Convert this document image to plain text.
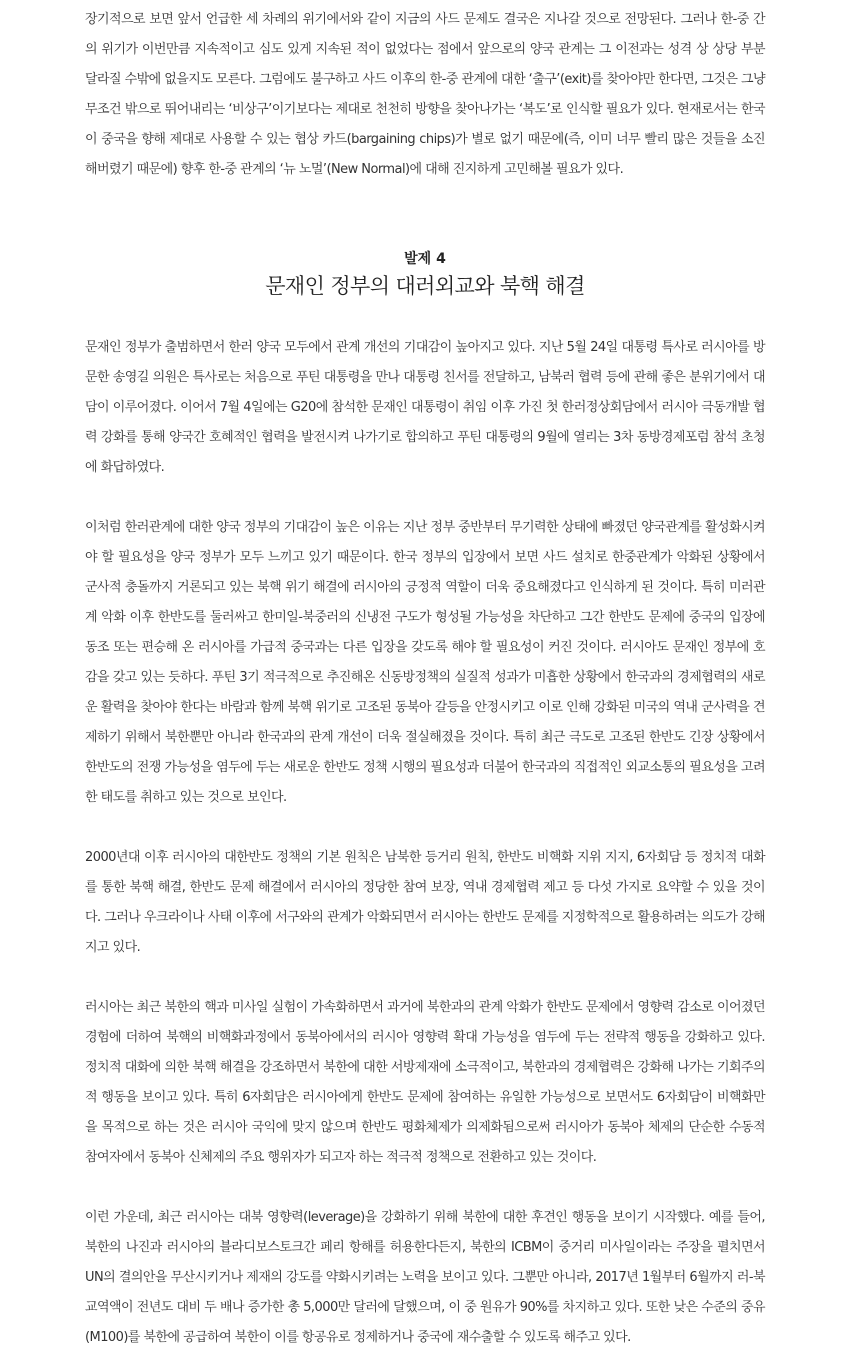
장기적으로 보면 앞서 언급한 세 차례의 위기에서와 같이 지금의 사드 문제도 결국은 지나갈 것으로 전망된다. 그러나 한-중 간의 위기가 이번만큼 지속적이고 심도 있게 지속된 적이 없었다는 점에서 앞으로의 양국 관계는 그 이전과는 성격 상 상당 부분 달라질 수밖에 없을지도 모른다. 그럼에도 불구하고 사드 이후의 한-중 관계에 대한 ‘출구’(exit)를 찾아야만 한다면, 그것은 그냥 무조건 밖으로 뛰어내리는 ‘비상구’이기보다는 제대로 천천히 방향을 찾아나가는 ‘복도’로 인식할 필요가 있다. 현재로서는 한국이 중국을 향해 제대로 사용할 수 있는 협상 카드(bargaining chips)가 별로 없기 때문에(즉, 이미 너무 빨리 많은 것들을 소진해버렸기 때문에) 향후 한-중 관계의 ‘뉴 노멀’(New Normal)에 대해 진지하게 고민해볼 필요가 있다.

발제 4

문재인 정부의 대러외교와 북핵 해결

문재인 정부가 출범하면서 한러 양국 모두에서 관계 개선의 기대감이 높아지고 있다. 지난 5월 24일 대통령 특사로 러시아를 방문한 송영길 의원은 특사로는 처음으로 푸틴 대통령을 만나 대통령 친서를 전달하고, 남북러 협력 등에 관해 좋은 분위기에서 대담이 이루어졌다. 이어서 7월 4일에는 G20에 참석한 문재인 대통령이 취임 이후 가진 첫 한러정상회담에서 러시아 극동개발 협력 강화를 통해 양국간 호혜적인 협력을 발전시켜 나가기로 합의하고 푸틴 대통령의 9월에 열리는 3차 동방경제포럼 참석 초청에 화답하였다.

이처럼 한러관계에 대한 양국 정부의 기대감이 높은 이유는 지난 정부 중반부터 무기력한 상태에 빠졌던 양국관계를 활성화시켜야 할 필요성을 양국 정부가 모두 느끼고 있기 때문이다. 한국 정부의 입장에서 보면 사드 설치로 한중관계가 악화된 상황에서 군사적 충돌까지 거론되고 있는 북핵 위기 해결에 러시아의 긍정적 역할이 더욱 중요해졌다고 인식하게 된 것이다. 특히 미러관계 악화 이후 한반도를 둘러싸고 한미일-북중러의 신냉전 구도가 형성될 가능성을 차단하고 그간 한반도 문제에 중국의 입장에 동조 또는 편승해 온 러시아를 가급적 중국과는 다른 입장을 갖도록 해야 할 필요성이 커진 것이다. 러시아도 문재인 정부에 호감을 갖고 있는 듯하다. 푸틴 3기 적극적으로 추진해온 신동방정책의 실질적 성과가 미흡한 상황에서 한국과의 경제협력의 새로운 활력을 찾아야 한다는 바람과 함께 북핵 위기로 고조된 동북아 갈등을 안정시키고 이로 인해 강화된 미국의 역내 군사력을 견제하기 위해서 북한뿐만 아니라 한국과의 관계 개선이 더욱 절실해졌을 것이다. 특히 최근 극도로 고조된 한반도 긴장 상황에서 한반도의 전쟁 가능성을 염두에 두는 새로운 한반도 정책 시행의 필요성과 더불어 한국과의 직접적인 외교소통의 필요성을 고려한 태도를 취하고 있는 것으로 보인다.

2000년대 이후 러시아의 대한반도 정책의 기본 원칙은 남북한 등거리 원칙, 한반도 비핵화 지위 지지, 6자회담 등 정치적 대화를 통한 북핵 해결, 한반도 문제 해결에서 러시아의 정당한 참여 보장, 역내 경제협력 제고 등 다섯 가지로 요약할 수 있을 것이다. 그러나 우크라이나 사태 이후에 서구와의 관계가 악화되면서 러시아는 한반도 문제를 지정학적으로 활용하려는 의도가 강해지고 있다.

러시아는 최근 북한의 핵과 미사일 실험이 가속화하면서 과거에 북한과의 관계 악화가 한반도 문제에서 영향력 감소로 이어졌던 경험에 더하여 북핵의 비핵화과정에서 동북아에서의 러시아 영향력 확대 가능성을 염두에 두는 전략적 행동을 강화하고 있다. 정치적 대화에 의한 북핵 해결을 강조하면서 북한에 대한 서방제재에 소극적이고, 북한과의 경제협력은 강화해 나가는 기회주의적 행동을 보이고 있다. 특히 6자회담은 러시아에게 한반도 문제에 참여하는 유일한 가능성으로 보면서도 6자회담이 비핵화만을 목적으로 하는 것은 러시아 국익에 맞지 않으며 한반도 평화체제가 의제화됨으로써 러시아가 동북아 체제의 단순한 수동적 참여자에서 동북아 신체제의 주요 행위자가 되고자 하는 적극적 정책으로 전환하고 있는 것이다.

이런 가운데, 최근 러시아는 대북 영향력(leverage)을 강화하기 위해 북한에 대한 후견인 행동을 보이기 시작했다. 예를 들어, 북한의 나진과 러시아의 블라디보스토크간 페리 항해를 허용한다든지, 북한의 ICBM이 중거리 미사일이라는 주장을 펼치면서 UN의 결의안을 무산시키거나 제재의 강도를 약화시키려는 노력을 보이고 있다. 그뿐만 아니라, 2017년 1월부터 6월까지 러-북 교역액이 전년도 대비 두 배나 증가한 총 5,000만 달러에 달했으며, 이 중 원유가 90%를 차지하고 있다. 또한 낮은 수준의 중유(M100)를 북한에 공급하여 북한이 이를 항공유로 정제하거나 중국에 재수출할 수 있도록 해주고 있다.
